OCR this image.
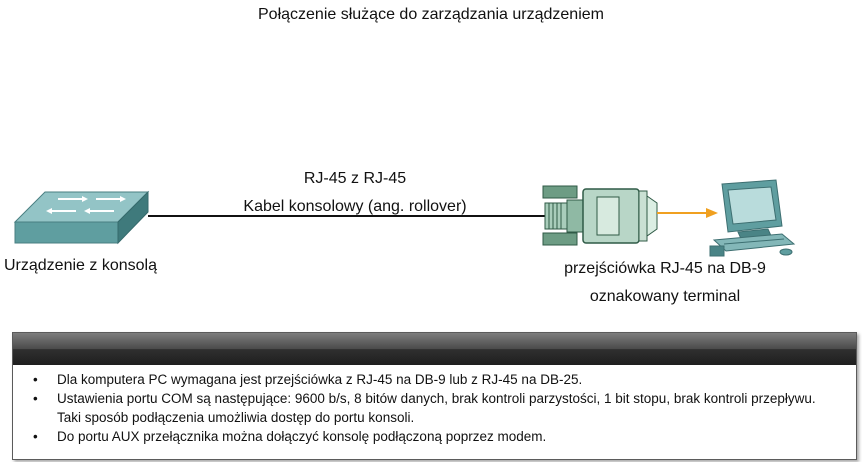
Połączenie służące do zarządzania urządzeniem
RJ-45 z RJ-45
Kabel konsolowy (ang. rollover)
Urządzenie z konsolą	przejściówka RJ-45 na DB-9
oznakowany terminal
• Dla komputera PC wymagana jest przejściówka z RJ-45 na DB-9 lub z RJ-45 na DB-25.
• Ustawienia portu COM są następujące: 9600 b/s, 8 bitów danych, brak kontroli parzystości, 1 bit stopu, brak kontroli przepływu. Taki sposób podłączenia umożliwia dostęp do portu konsoli.
• Do portu AUX przełącznika można dołączyć konsolę podłączoną poprzez modem.
